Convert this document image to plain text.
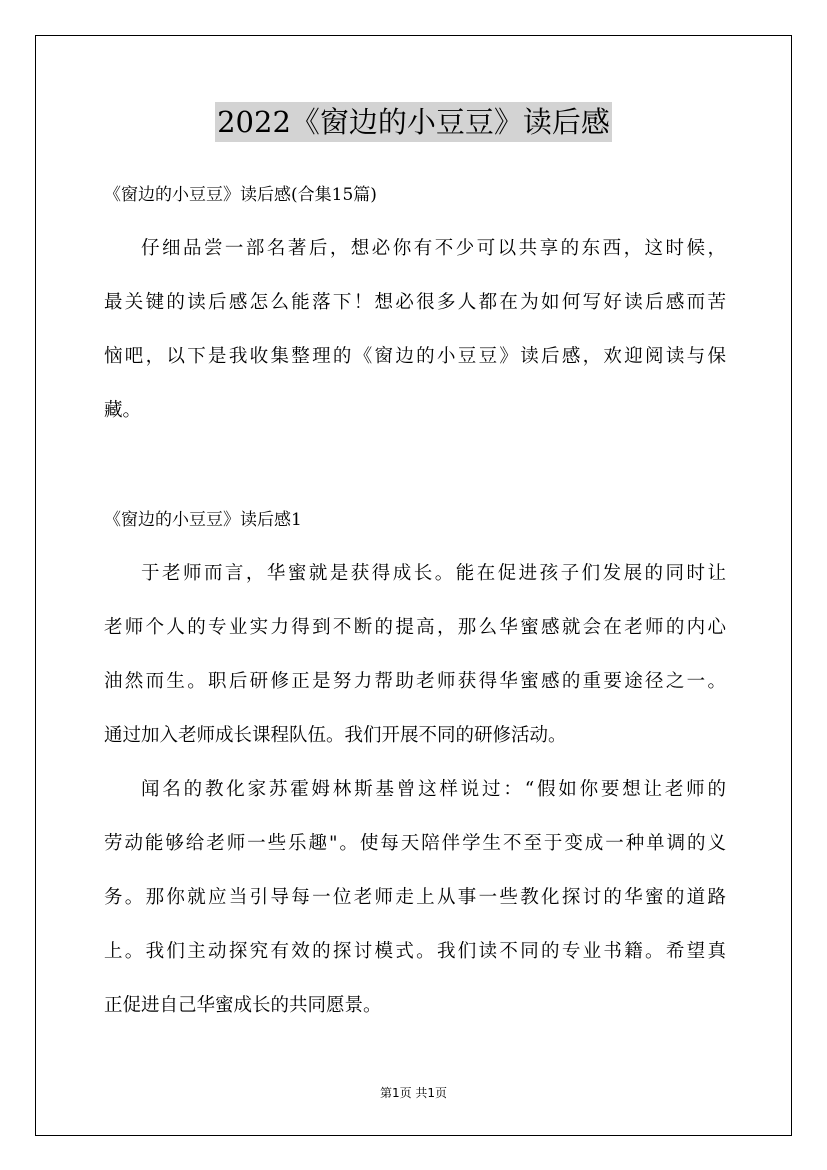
2022《窗边的小豆豆》读后感
《窗边的小豆豆》读后感(合集15篇)
仔细品尝一部名著后，想必你有不少可以共享的东西，这时候，
最关键的读后感怎么能落下！想必很多人都在为如何写好读后感而苦
恼吧，以下是我收集整理的《窗边的小豆豆》读后感，欢迎阅读与保
藏。
《窗边的小豆豆》读后感1
于老师而言，华蜜就是获得成长。能在促进孩子们发展的同时让
老师个人的专业实力得到不断的提高，那么华蜜感就会在老师的内心
油然而生。职后研修正是努力帮助老师获得华蜜感的重要途径之一。
通过加入老师成长课程队伍。我们开展不同的研修活动。
闻名的教化家苏霍姆林斯基曾这样说过：“假如你要想让老师的
劳动能够给老师一些乐趣"。使每天陪伴学生不至于变成一种单调的义
务。那你就应当引导每一位老师走上从事一些教化探讨的华蜜的道路
上。我们主动探究有效的探讨模式。我们读不同的专业书籍。希望真
正促进自己华蜜成长的共同愿景。
第1页 共1页
